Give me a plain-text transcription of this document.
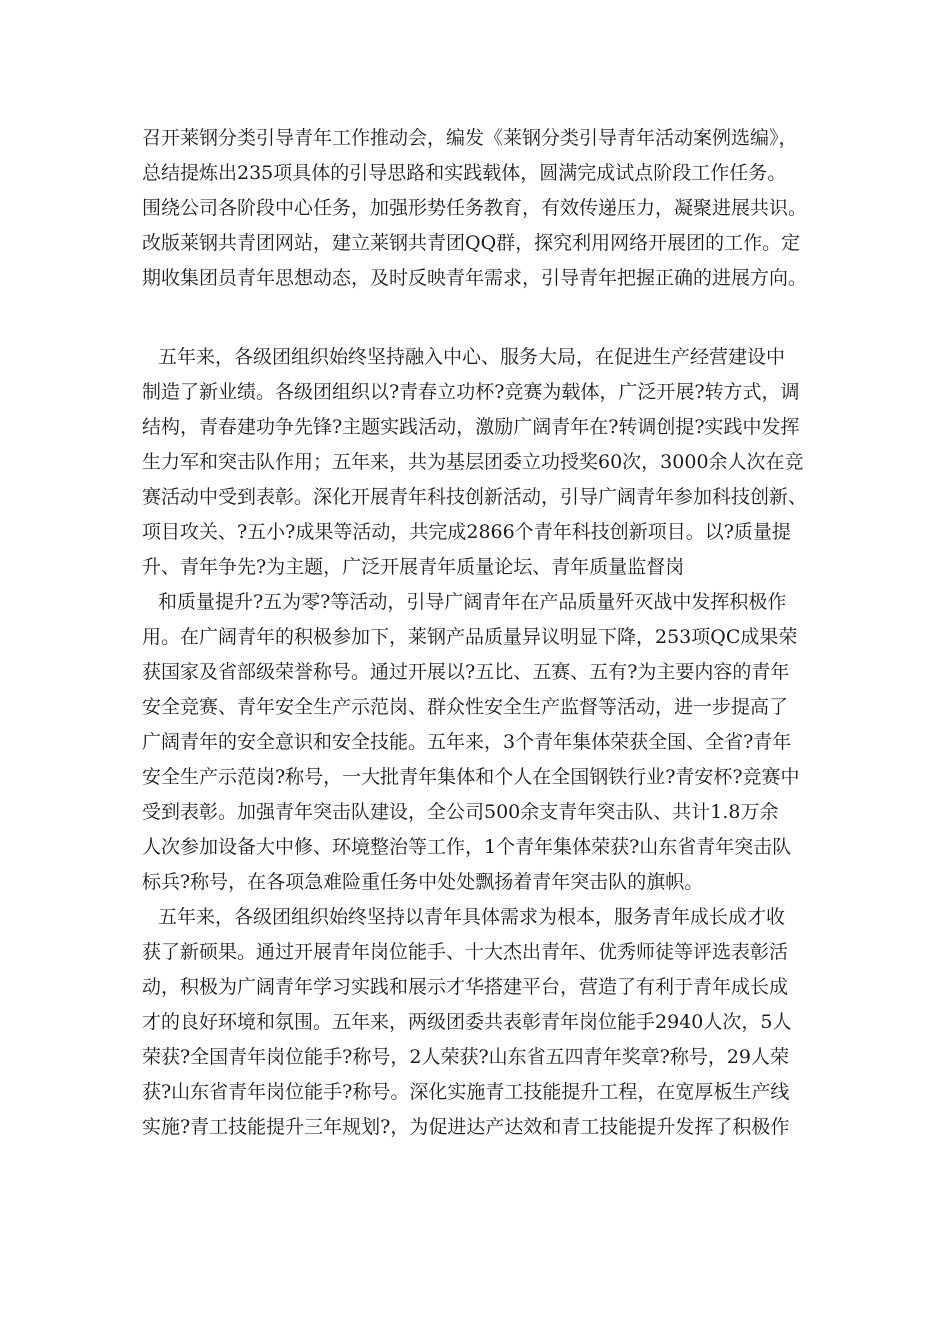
召开莱钢分类引导青年工作推动会，编发《莱钢分类引导青年活动案例选编》，
总结提炼出235项具体的引导思路和实践载体，圆满完成试点阶段工作任务。
围绕公司各阶段中心任务，加强形势任务教育，有效传递压力，凝聚进展共识。
改版莱钢共青团网站，建立莱钢共青团QQ群，探究利用网络开展团的工作。定
期收集团员青年思想动态，及时反映青年需求，引导青年把握正确的进展方向。
五年来，各级团组织始终坚持融入中心、服务大局，在促进生产经营建设中
制造了新业绩。各级团组织以?青春立功杯?竞赛为载体，广泛开展?转方式，调
结构，青春建功争先锋?主题实践活动，激励广阔青年在?转调创提?实践中发挥
生力军和突击队作用；五年来，共为基层团委立功授奖60次，3000余人次在竞
赛活动中受到表彰。深化开展青年科技创新活动，引导广阔青年参加科技创新、
项目攻关、?五小?成果等活动，共完成2866个青年科技创新项目。以?质量提
升、青年争先?为主题，广泛开展青年质量论坛、青年质量监督岗
和质量提升?五为零?等活动，引导广阔青年在产品质量歼灭战中发挥积极作
用。在广阔青年的积极参加下，莱钢产品质量异议明显下降，253项QC成果荣
获国家及省部级荣誉称号。通过开展以?五比、五赛、五有?为主要内容的青年
安全竞赛、青年安全生产示范岗、群众性安全生产监督等活动，进一步提高了
广阔青年的安全意识和安全技能。五年来，3个青年集体荣获全国、全省?青年
安全生产示范岗?称号，一大批青年集体和个人在全国钢铁行业?青安杯?竞赛中
受到表彰。加强青年突击队建设，全公司500余支青年突击队、共计1.8万余
人次参加设备大中修、环境整治等工作，1个青年集体荣获?山东省青年突击队
标兵?称号，在各项急难险重任务中处处飘扬着青年突击队的旗帜。
五年来，各级团组织始终坚持以青年具体需求为根本，服务青年成长成才收
获了新硕果。通过开展青年岗位能手、十大杰出青年、优秀师徒等评选表彰活
动，积极为广阔青年学习实践和展示才华搭建平台，营造了有利于青年成长成
才的良好环境和氛围。五年来，两级团委共表彰青年岗位能手2940人次，5人
荣获?全国青年岗位能手?称号，2人荣获?山东省五四青年奖章?称号，29人荣
获?山东省青年岗位能手?称号。深化实施青工技能提升工程，在宽厚板生产线
实施?青工技能提升三年规划?，为促进达产达效和青工技能提升发挥了积极作
